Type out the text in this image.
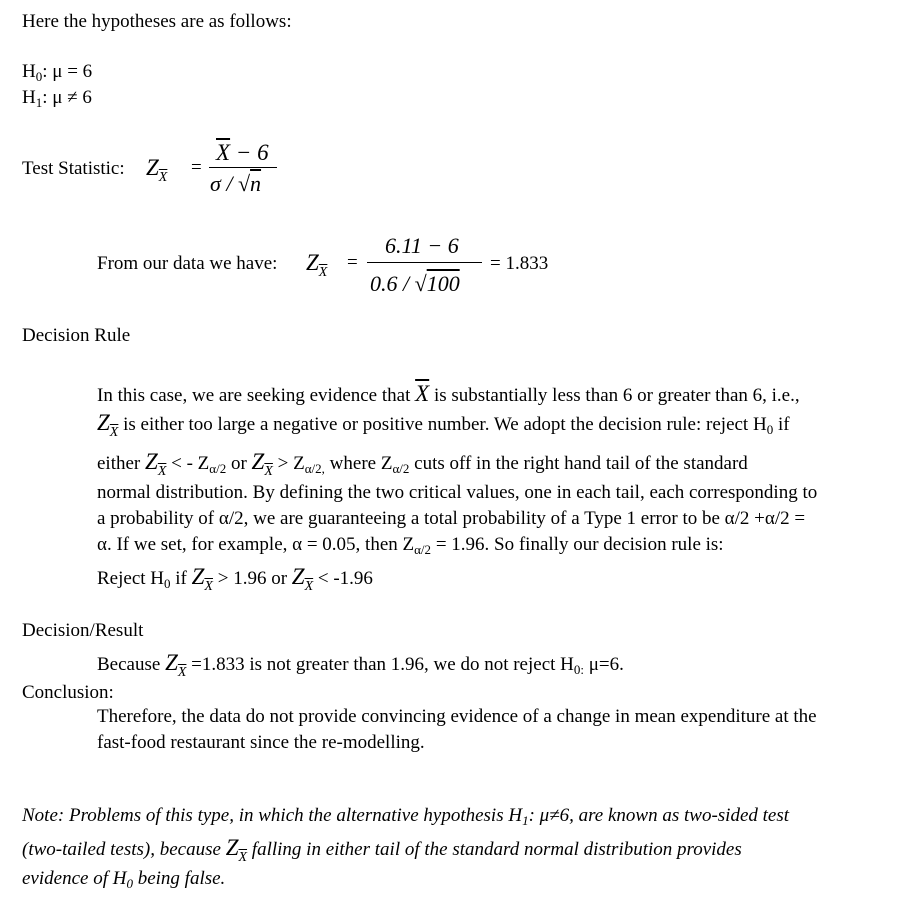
Here the hypotheses are as follows:
$H_0$: μ = 6
$H_1$: μ ≠ 6
Test Statistic: $Z_{\overline{X}}$ =
$\overline{X} - 6$
σ / √n
From our data we have: $Z_{\overline{X}}$ =
6.11 − 6
0.6 / √100
= 1.833
Decision Rule
In this case, we are seeking evidence that $\overline{X}$ is substantially less than 6 or greater than 6, i.e.,
$Z_{\overline{X}}$ is either too large a negative or positive number. We adopt the decision rule: reject $H_0$ if
either $Z_{\overline{X}}$ < - $Z_{\alpha/2}$ or $Z_{\overline{X}} > Z_{\alpha/2,}$ where $Z_{\alpha/2}$ cuts off in the right hand tail of the standard
normal distribution. By defining the two critical values, one in each tail, each corresponding to
a probability of α/2, we are guaranteeing a total probability of a Type 1 error to be α/2 +α/2 =
α. If we set, for example, α = 0.05, then $Z_{\alpha/2} = 1.96$. So finally our decision rule is:
Reject $H_0$ if $Z_{\overline{X}} > 1.96$ or $Z_{\overline{X}} < -1.96$
Decision/Result
Because $Z_{\overline{X}} =1.833$ is not greater than 1.96, we do not reject $H_{0:}$ μ=6.
Conclusion:
Therefore, the data do not provide convincing evidence of a change in mean expenditure at the
fast-food restaurant since the re-modelling.
Note: Problems of this type, in which the alternative hypothesis $H_1$: μ≠6, are known as two-sided test
(two-tailed tests), because $Z_{\overline{X}}$ falling in either tail of the standard normal distribution provides
evidence of $H_0$ being false.
